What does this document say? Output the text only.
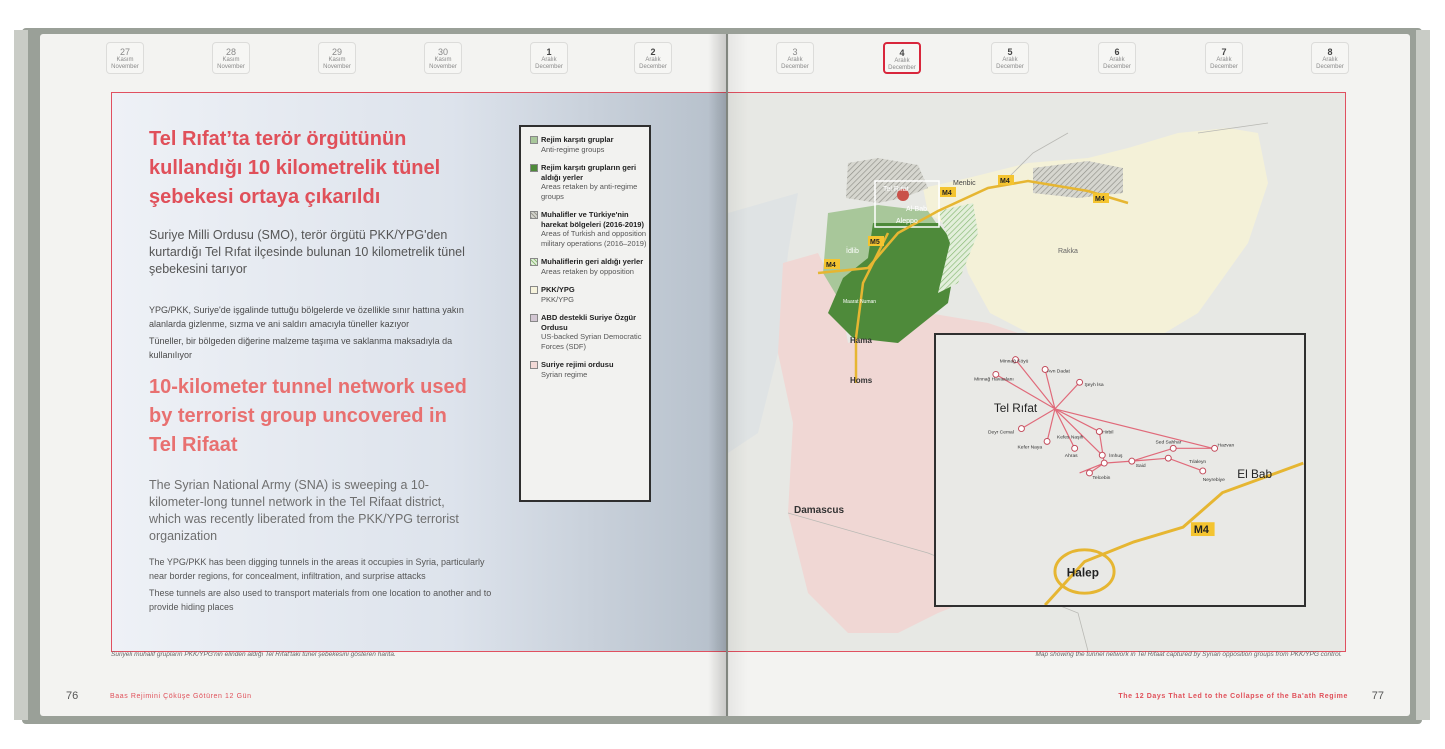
27
Kasım
November
28
Kasım
November
29
Kasım
November
30
Kasım
November
1
Aralık
December
2
Aralık
December
Tel Rıfat’ta terör örgütünün kullandığı 10 kilometrelik tünel şebekesi ortaya çıkarıldı
Suriye Milli Ordusu (SMO), terör örgütü PKK/YPG'den kurtardığı Tel Rıfat ilçesinde bulunan 10 kilometrelik tünel şebekesini tarıyor
YPG/PKK, Suriye'de işgalinde tuttuğu bölgelerde ve özellikle sınır hattına yakın alanlarda gizlenme, sızma ve ani saldırı amacıyla tüneller kazıyor
Tüneller, bir bölgeden diğerine malzeme taşıma ve saklanma maksadıyla da kullanılıyor
10-kilometer tunnel network used by terrorist group uncovered in Tel Rifaat
The Syrian National Army (SNA) is sweeping a 10-kilometer-long tunnel network in the Tel Rifaat district, which was recently liberated from the PKK/YPG terrorist organization
The YPG/PKK has been digging tunnels in the areas it occupies in Syria, particularly near border regions, for concealment, infiltration, and surprise attacks
These tunnels are also used to transport materials from one location to another and to provide hiding places
Rejim karşıtı gruplar
Anti-regime groups
Rejim karşıtı grupların geri aldığı yerler
Areas retaken by anti-regime groups
Muhalifler ve Türkiye'nin harekat bölgeleri (2016-2019)
Areas of Turkish and opposition military operations (2016–2019)
Muhaliflerin geri aldığı yerler
Areas retaken by opposition
PKK/YPG
PKK/YPG
ABD destekli Suriye Özgür Ordusu
US-backed Syrian Democratic Forces (SDF)
Suriye rejimi ordusu
Syrian regime
Suriyeli muhalif grupların PKK/YPG'nin elinden aldığı Tel Rıfat'taki tünel şebekesini gösteren harita.
76	Baas Rejimini Çöküşe Götüren 12 Gün
3
Aralık
December
4
Aralık
December
5
Aralık
December
6
Aralık
December
7
Aralık
December
8
Aralık
December
Tel Rıfat
Al-Bab
Aleppo
Menbic
İdlib
Maarat Numan
Rakka
Hama
Homs
Damascus
M4
M4
M4
M5
M4
M4
Halep
El Bab
Tel Rıfat
Minnağ Köyü
Minnağ Havaalanı
Avn Dadat
Şeyh İsa
Deyr Cemal
Kefer Naya
Kefes Naşih
Hirbil
Ahras	İmhuş
Telcebin
Said
Sed Sahhar
Hazvan
Tılaleyn
Neyrebiye
Map showing the tunnel network in Tel Rifaat captured by Syrian opposition groups from PKK/YPG control.
The 12 Days That Led to the Collapse of the Ba'ath Regime 77
